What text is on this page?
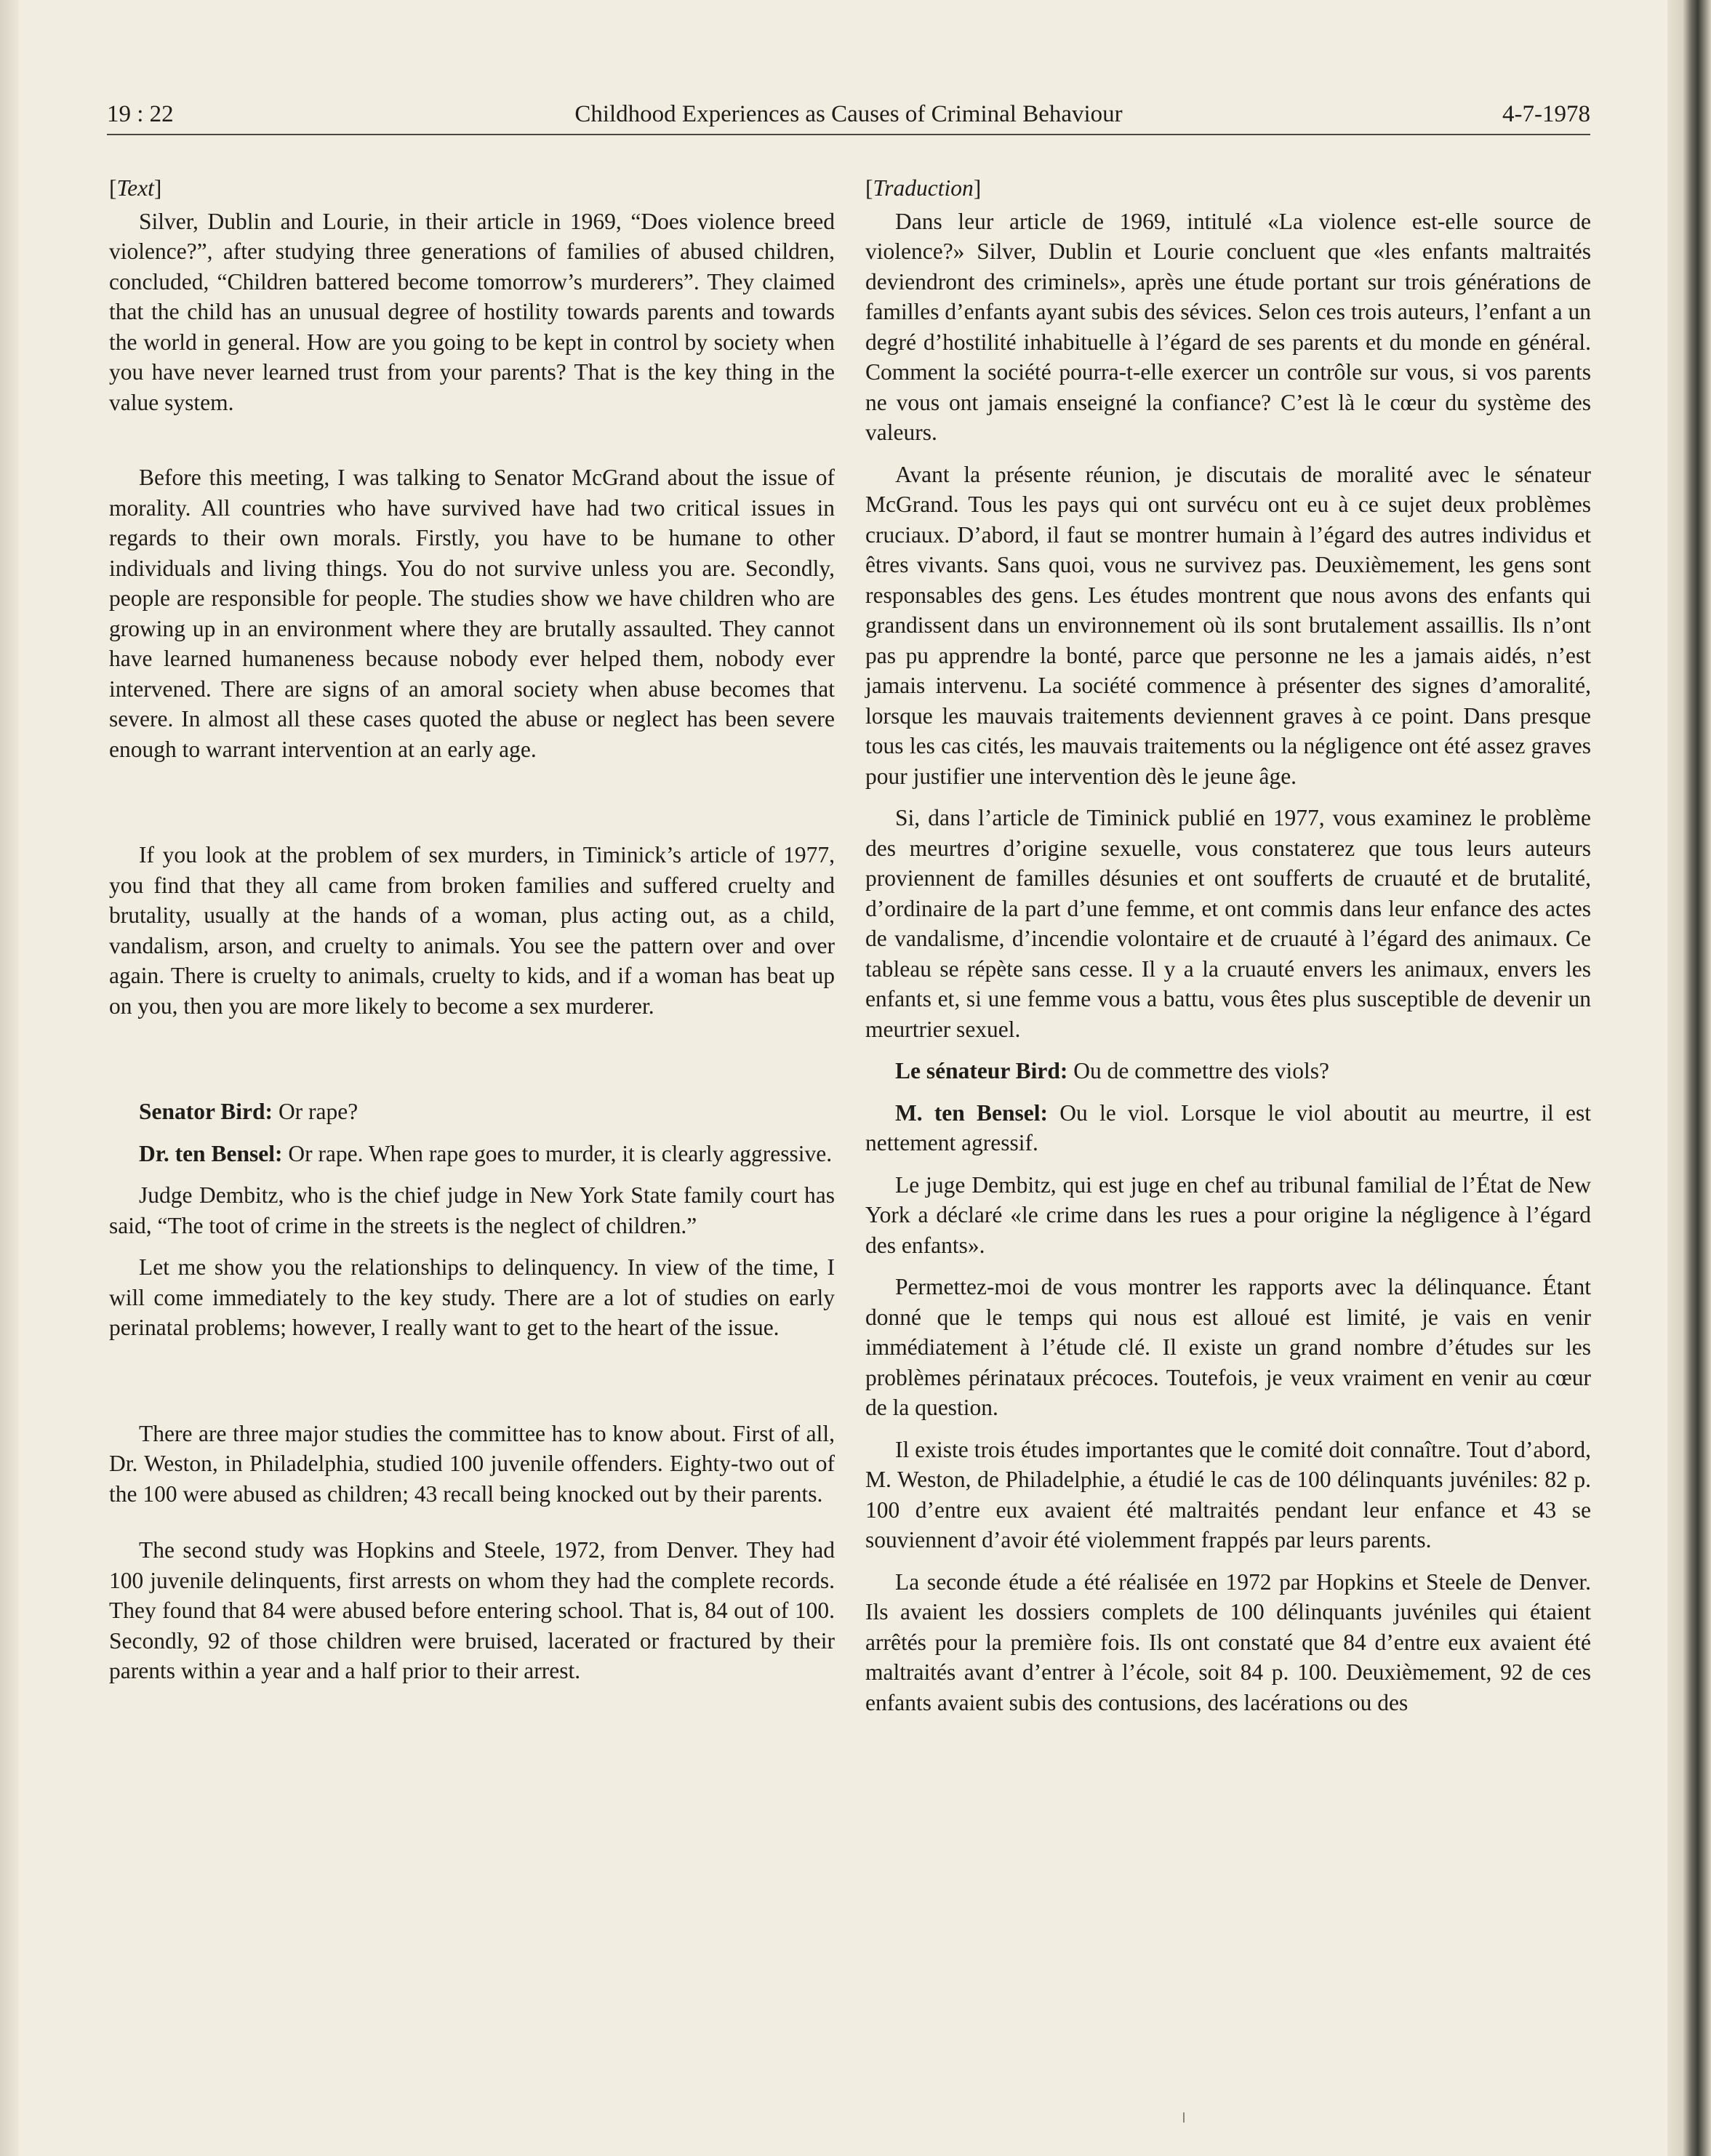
19 : 22	Childhood Experiences as Causes of Criminal Behaviour	4-7-1978

[Text]

Silver, Dublin and Lourie, in their article in 1969, “Does violence breed violence?”, after studying three generations of families of abused children, concluded, “Children battered become tomorrow’s murderers”. They claimed that the child has an unusual degree of hostility towards parents and towards the world in general. How are you going to be kept in control by society when you have never learned trust from your parents? That is the key thing in the value system.

Before this meeting, I was talking to Senator McGrand about the issue of morality. All countries who have survived have had two critical issues in regards to their own morals. Firstly, you have to be humane to other individuals and living things. You do not survive unless you are. Secondly, people are responsible for people. The studies show we have children who are growing up in an environment where they are brutally assaulted. They cannot have learned humaneness because nobody ever helped them, nobody ever intervened. There are signs of an amoral society when abuse becomes that severe. In almost all these cases quoted the abuse or neglect has been severe enough to warrant intervention at an early age.

If you look at the problem of sex murders, in Timinick’s article of 1977, you find that they all came from broken families and suffered cruelty and brutality, usually at the hands of a woman, plus acting out, as a child, vandalism, arson, and cruelty to animals. You see the pattern over and over again. There is cruelty to animals, cruelty to kids, and if a woman has beat up on you, then you are more likely to become a sex murderer.

Senator Bird: Or rape?

Dr. ten Bensel: Or rape. When rape goes to murder, it is clearly aggressive.

Judge Dembitz, who is the chief judge in New York State family court has said, “The toot of crime in the streets is the neglect of children.”

Let me show you the relationships to delinquency. In view of the time, I will come immediately to the key study. There are a lot of studies on early perinatal problems; however, I really want to get to the heart of the issue.

There are three major studies the committee has to know about. First of all, Dr. Weston, in Philadelphia, studied 100 juvenile offenders. Eighty-two out of the 100 were abused as children; 43 recall being knocked out by their parents.

The second study was Hopkins and Steele, 1972, from Denver. They had 100 juvenile delinquents, first arrests on whom they had the complete records. They found that 84 were abused before entering school. That is, 84 out of 100. Secondly, 92 of those children were bruised, lacerated or fractured by their parents within a year and a half prior to their arrest.

[Traduction]

Dans leur article de 1969, intitulé «La violence est-elle source de violence?» Silver, Dublin et Lourie concluent que «les enfants maltraités deviendront des criminels», après une étude portant sur trois générations de familles d’enfants ayant subis des sévices. Selon ces trois auteurs, l’enfant a un degré d’hostilité inhabituelle à l’égard de ses parents et du monde en général. Comment la société pourra-t-elle exercer un contrôle sur vous, si vos parents ne vous ont jamais enseigné la confiance? C’est là le cœur du système des valeurs.

Avant la présente réunion, je discutais de moralité avec le sénateur McGrand. Tous les pays qui ont survécu ont eu à ce sujet deux problèmes cruciaux. D’abord, il faut se montrer humain à l’égard des autres individus et êtres vivants. Sans quoi, vous ne survivez pas. Deuxièmement, les gens sont responsables des gens. Les études montrent que nous avons des enfants qui grandissent dans un environnement où ils sont brutalement assaillis. Ils n’ont pas pu apprendre la bonté, parce que personne ne les a jamais aidés, n’est jamais intervenu. La société commence à présenter des signes d’amoralité, lorsque les mauvais traitements deviennent graves à ce point. Dans presque tous les cas cités, les mauvais traitements ou la négligence ont été assez graves pour justifier une intervention dès le jeune âge.

Si, dans l’article de Timinick publié en 1977, vous examinez le problème des meurtres d’origine sexuelle, vous constaterez que tous leurs auteurs proviennent de familles désunies et ont soufferts de cruauté et de brutalité, d’ordinaire de la part d’une femme, et ont commis dans leur enfance des actes de vandalisme, d’incendie volontaire et de cruauté à l’égard des animaux. Ce tableau se répète sans cesse. Il y a la cruauté envers les animaux, envers les enfants et, si une femme vous a battu, vous êtes plus susceptible de devenir un meurtrier sexuel.

Le sénateur Bird: Ou de commettre des viols?

M. ten Bensel: Ou le viol. Lorsque le viol aboutit au meurtre, il est nettement agressif.

Le juge Dembitz, qui est juge en chef au tribunal familial de l’État de New York a déclaré «le crime dans les rues a pour origine la négligence à l’égard des enfants».

Permettez-moi de vous montrer les rapports avec la délinquance. Étant donné que le temps qui nous est alloué est limité, je vais en venir immédiatement à l’étude clé. Il existe un grand nombre d’études sur les problèmes périnataux précoces. Toutefois, je veux vraiment en venir au cœur de la question.

Il existe trois études importantes que le comité doit connaître. Tout d’abord, M. Weston, de Philadelphie, a étudié le cas de 100 délinquants juvéniles: 82 p. 100 d’entre eux avaient été maltraités pendant leur enfance et 43 se souviennent d’avoir été violemment frappés par leurs parents.

La seconde étude a été réalisée en 1972 par Hopkins et Steele de Denver. Ils avaient les dossiers complets de 100 délinquants juvéniles qui étaient arrêtés pour la première fois. Ils ont constaté que 84 d’entre eux avaient été maltraités avant d’entrer à l’école, soit 84 p. 100. Deuxièmement, 92 de ces enfants avaient subis des contusions, des lacérations ou des
